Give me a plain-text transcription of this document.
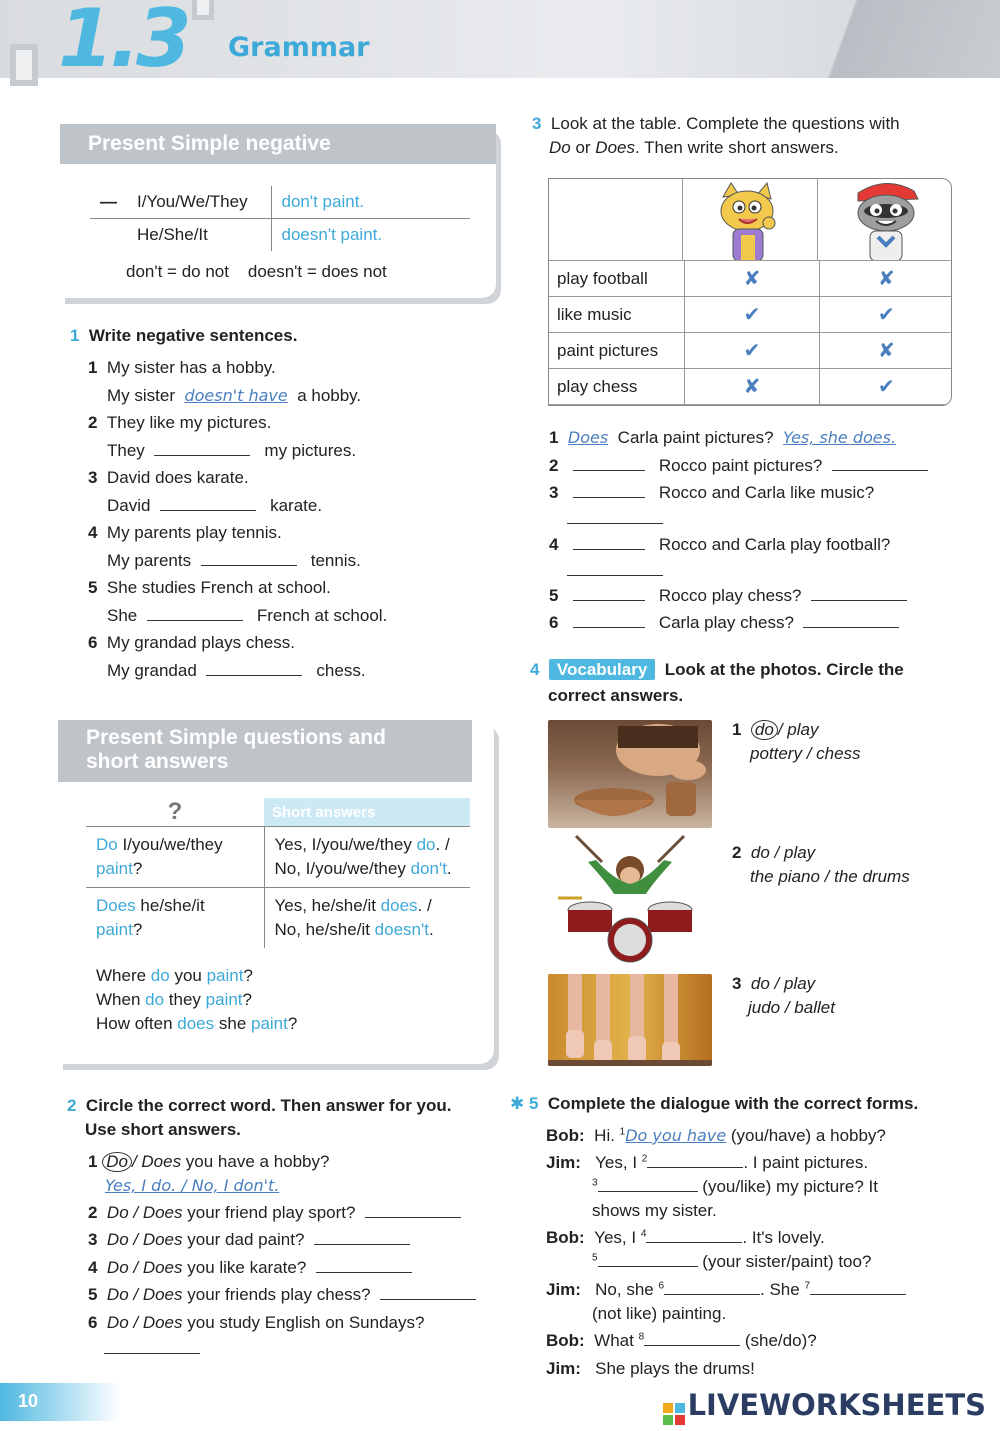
1.3 Grammar
Present Simple negative
—	I/You/We/They	don't paint.
	He/She/It	doesn't paint.
don't = do not    doesn't = does not
1 Write negative sentences.
1 My sister has a hobby.
My sister doesn't have a hobby.
2 They like my pictures.
They	my pictures.
3 David does karate.
David	karate.
4 My parents play tennis.
My parents	tennis.
5 She studies French at school.
She	French at school.
6 My grandad plays chess.
My grandad	chess.
Present Simple questions and short answers
?	Short answers
Do I/you/we/they
paint?	Yes, I/you/we/they do. /
No, I/you/we/they don't.
Does he/she/it
paint?	Yes, he/she/it does. /
No, he/she/it doesn't.
Where do you paint?
When do they paint?
How often does she paint?
2 Circle the correct word. Then answer for you.
Use short answers.
1 Do / Does you have a hobby?
Yes, I do. / No, I don't.
2 Do / Does your friend play sport?
3 Do / Does your dad paint?
4 Do / Does you like karate?
5 Do / Does your friends play chess?
6 Do / Does you study English on Sundays?
3 Look at the table. Complete the questions with
Do or Does. Then write short answers.
play football	✘	✘
like music	✔	✔
paint pictures	✔	✘
play chess	✘	✔
1 Does Carla paint pictures? Yes, she does.
2	Rocco paint pictures?
3	Rocco and Carla like music?
4	Rocco and Carla play football?
5	Rocco play chess?
6	Carla play chess?
4 Vocabulary Look at the photos. Circle the
correct answers.
1 do / play
pottery / chess
2 do / play
the piano / the drums
3 do / play
judo / ballet
✱ 5 Complete the dialogue with the correct forms.
Bob: Hi. $^1$Do you have (you/have) a hobby?
Jim: Yes, I $^2$	. I paint pictures.
$^3$	(you/like) my picture? It
shows my sister.
Bob: Yes, I $^4$	. It's lovely.
$^5$	(your sister/paint) too?
Jim: No, she $^6$	. She $^7$
(not like) painting.
Bob: What $^8$	(she/do)?
Jim: She plays the drums!
10	LIVEWORKSHEETS
